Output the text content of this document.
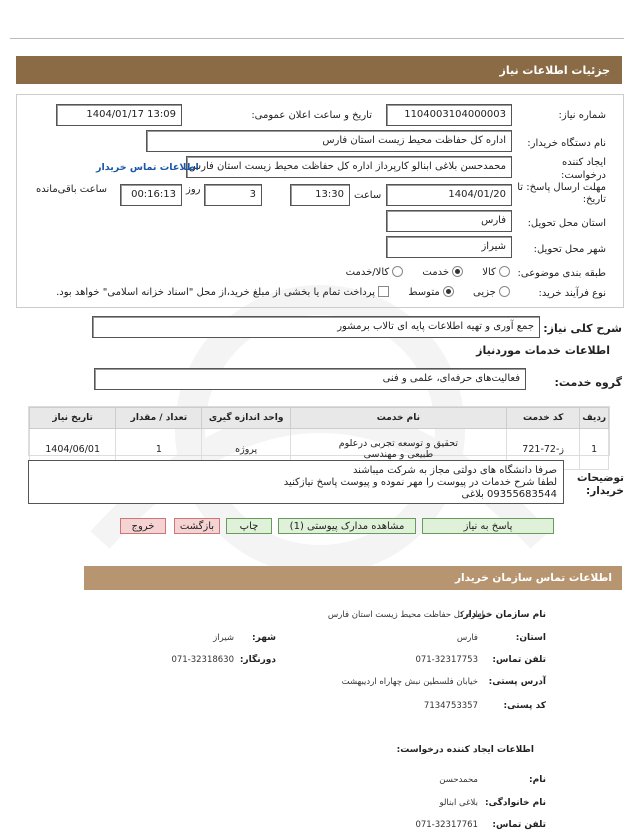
جزئیات اطلاعات نیاز
شماره نیاز:
1104003104000003
تاریخ و ساعت اعلان عمومی:
1404/01/17 13:09
نام دستگاه خریدار:
اداره کل حفاظت محیط زیست استان فارس
ایجاد کننده درخواست:
محمدحسن بلاغی ابنالو کارپرداز اداره کل حفاظت محیط زیست استان فارس
اطلاعات تماس خریدار
مهلت ارسال پاسخ: تا تاریخ:
1404/01/20
ساعت
13:30
3
روز
00:16:13
ساعت باقی‌مانده
استان محل تحویل:
فارس
شهر محل تحویل:
شیراز
طبقه بندی موضوعی:
کالا       خدمت       کالا/خدمت
نوع فرآیند خرید:
جزیی       متوسط       پرداخت تمام یا بخشی از مبلغ خرید،از محل "اسناد خزانه اسلامی" خواهد بود.
شرح کلی نیاز:
جمع آوری و تهیه اطلاعات پایه ای تالاب برمشور
اطلاعات خدمات موردنیاز
گروه خدمت:
فعالیت‌های حرفه‌ای، علمی و فنی
ردیف	کد خدمت	نام خدمت	واحد اندازه گیری	تعداد / مقدار	تاریخ نیاز
1	ز-72-721	تحقیق و توسعه تجربی درعلوم
طبیعی و مهندسی	پروژه	1	1404/06/01
توضیحات خریدار:
صرفا دانشگاه های دولتی مجاز به شرکت میباشند
لطفا شرح خدمات در پیوست را مهر نموده و پیوست پاسخ نیازکنید
09355683544 بلاغی
پاسخ به نیاز
مشاهده مدارک پیوستی (1)
چاپ
بازگشت
خروج
اطلاعات تماس سازمان خریدار
نام سازمان خریدار:
اداره کل حفاظت محیط زیست استان فارس
استان:
فارس
شهر:
شیراز
تلفن تماس:
071-32317753
دورنگار:
071-32318630
آدرس پستی:
خیابان فلسطین نبش چهاراه اردیبهشت
کد پستی:
7134753357
اطلاعات ایجاد کننده درخواست:
نام:
محمدحسن
نام خانوادگی:
بلاغی ابنالو
تلفن تماس:
071-32317761
